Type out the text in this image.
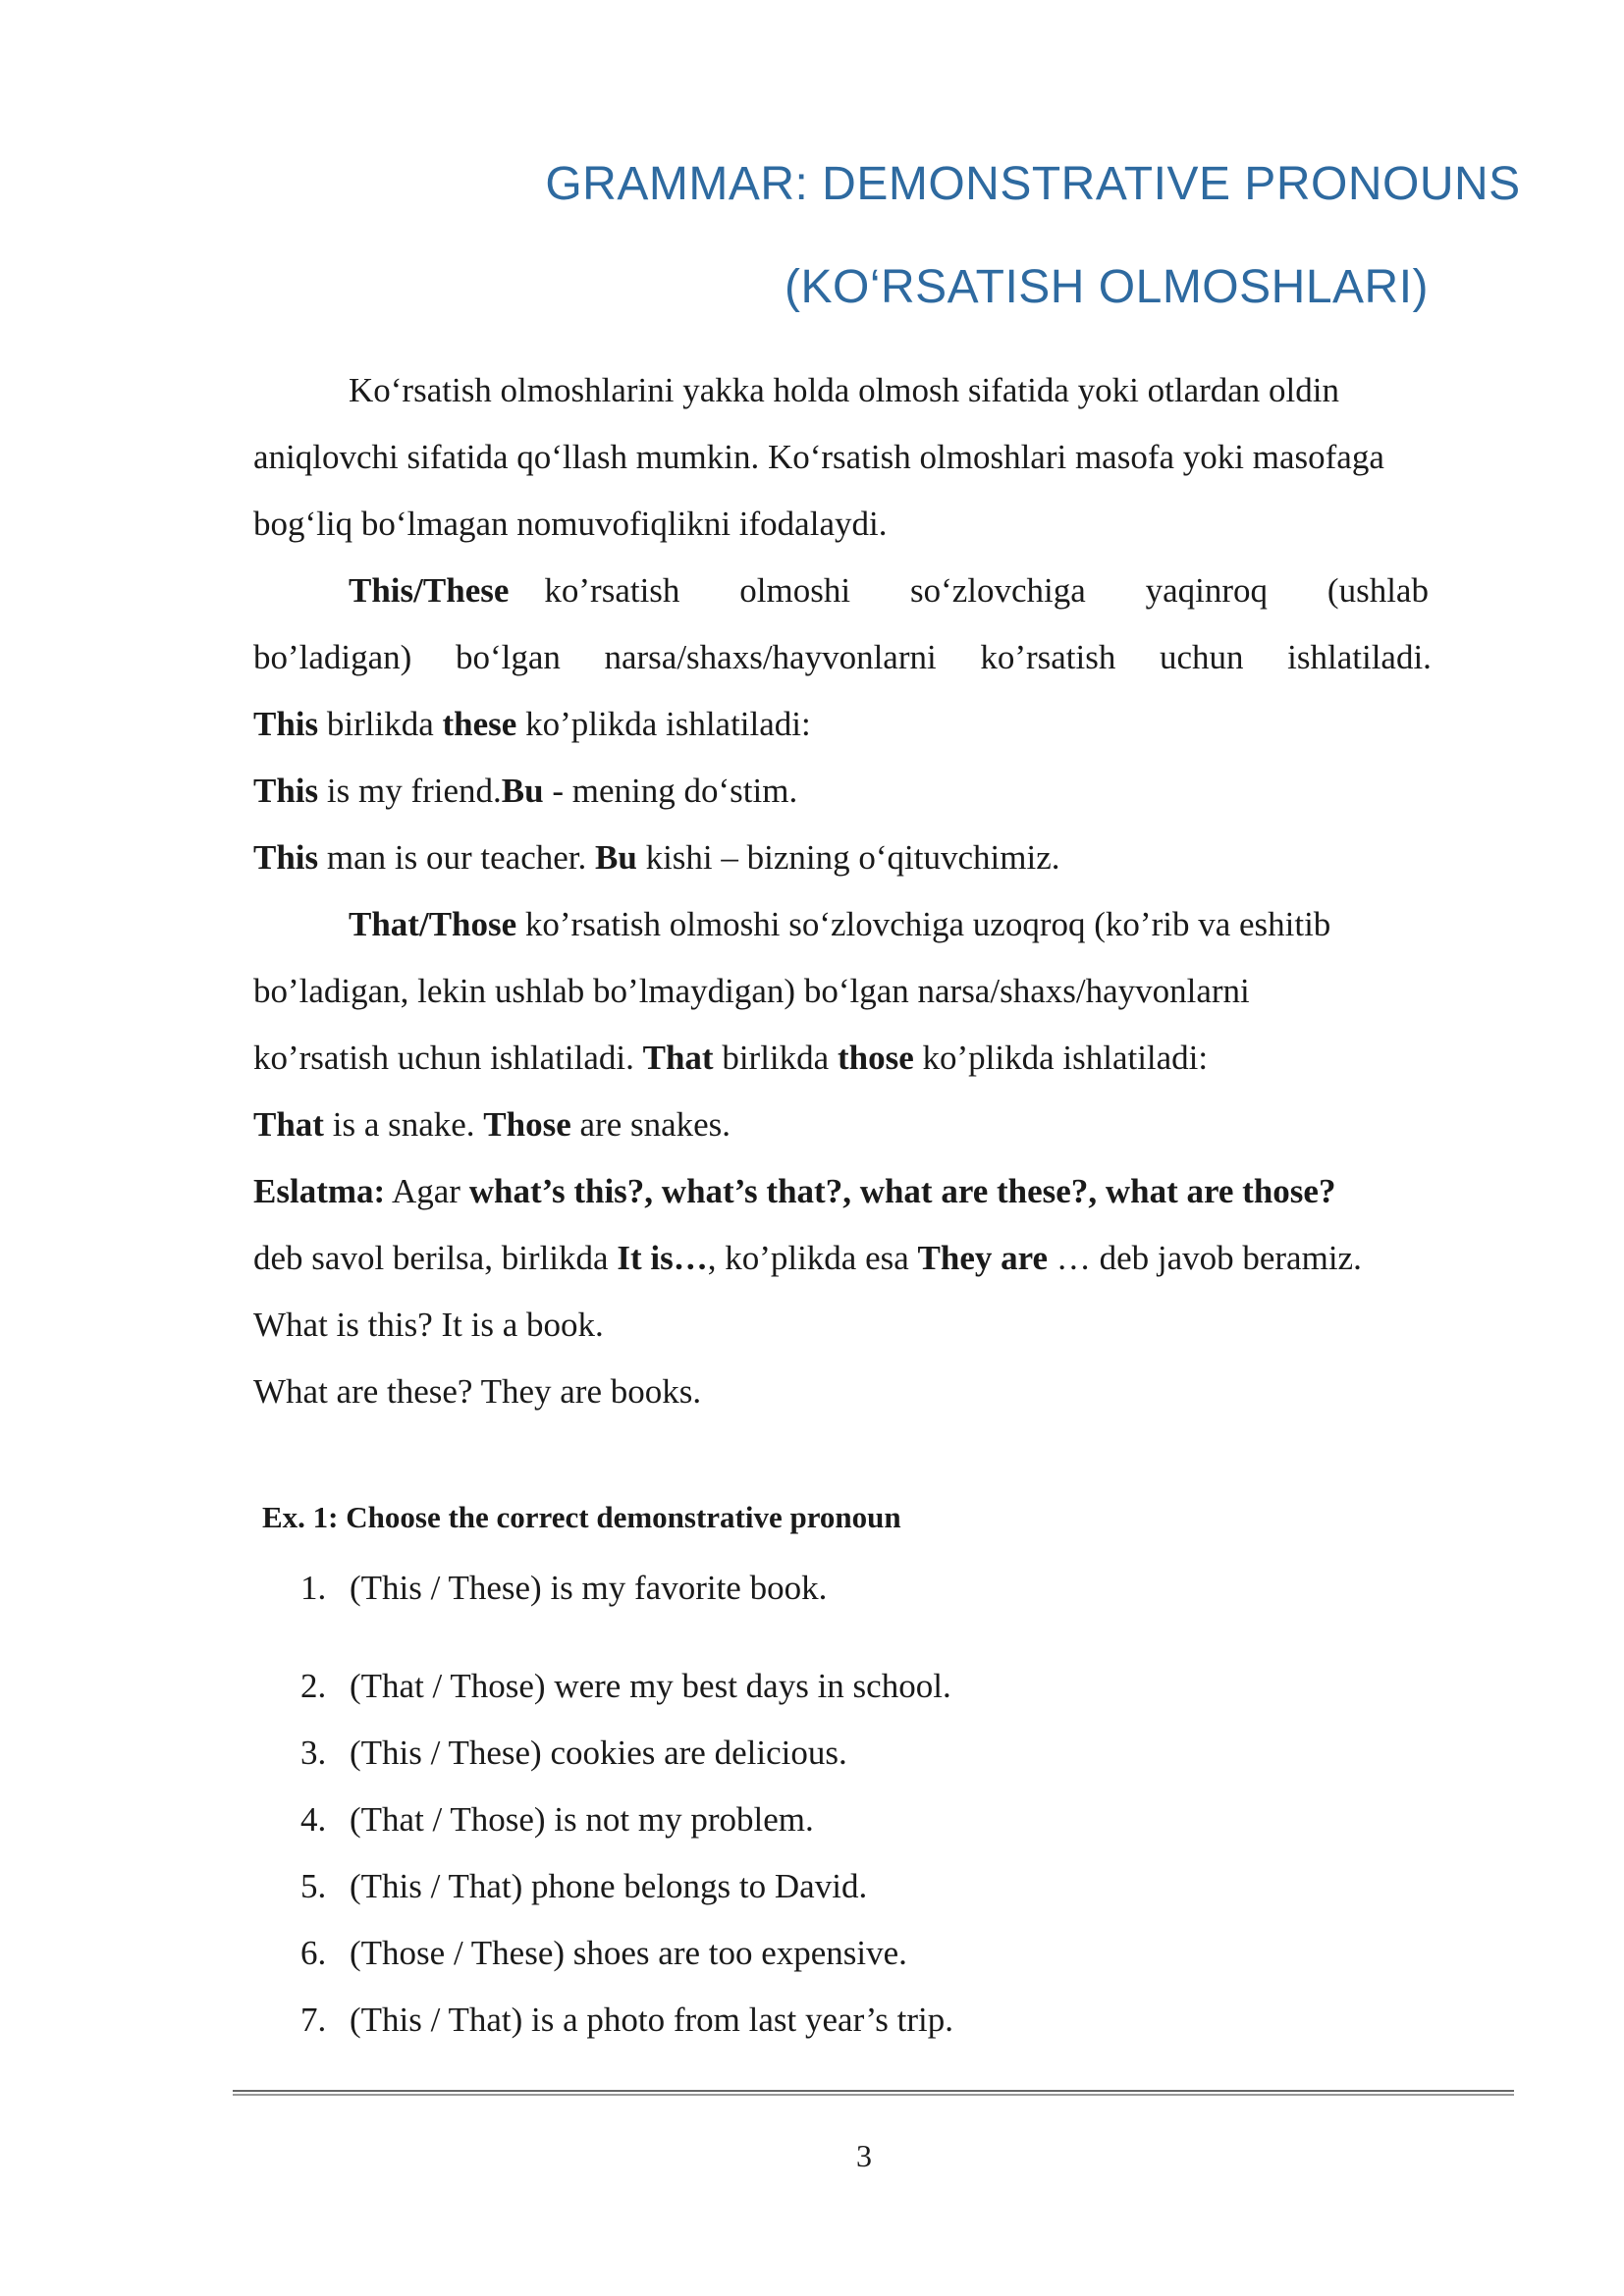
GRAMMAR: DEMONSTRATIVE PRONOUNS
(KO‘RSATISH OLMOSHLARI)
Ko‘rsatish olmoshlarini yakka holda olmosh sifatida yoki otlardan oldin
aniqlovchi sifatida qo‘llash mumkin. Ko‘rsatish olmoshlari masofa yoki masofaga
bog‘liq bo‘lmagan nomuvofiqlikni ifodalaydi.
This/These ko’rsatish olmoshi so‘zlovchiga yaqinroq (ushlab
bo’ladigan) bo‘lgan narsa/shaxs/hayvonlarni ko’rsatish uchun ishlatiladi.
This birlikda these ko’plikda ishlatiladi:
This is my friend.Bu - mening do‘stim.
This man is our teacher. Bu kishi – bizning o‘qituvchimiz.
That/Those ko’rsatish olmoshi so‘zlovchiga uzoqroq (ko’rib va eshitib
bo’ladigan, lekin ushlab bo’lmaydigan) bo‘lgan narsa/shaxs/hayvonlarni
ko’rsatish uchun ishlatiladi. That birlikda those ko’plikda ishlatiladi:
That is a snake. Those are snakes.
Eslatma: Agar what’s this?, what’s that?, what are these?, what are those?
deb savol berilsa, birlikda It is…, ko’plikda esa They are … deb javob beramiz.
What is this? It is a book.
What are these? They are books.
Ex. 1: Choose the correct demonstrative pronoun
1. (This / These) is my favorite book.
2. (That / Those) were my best days in school.
3. (This / These) cookies are delicious.
4. (That / Those) is not my problem.
5. (This / That) phone belongs to David.
6. (Those / These) shoes are too expensive.
7. (This / That) is a photo from last year’s trip.
3
